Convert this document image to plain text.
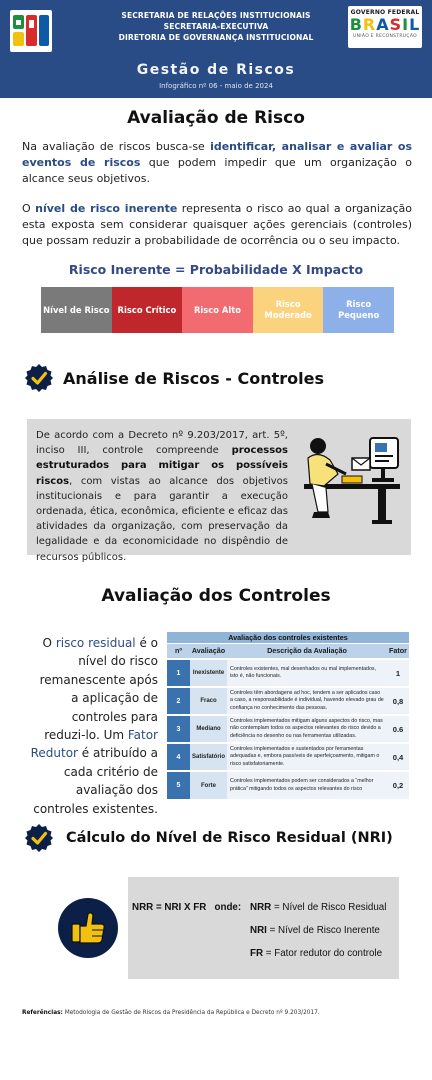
SECRETARIA DE RELAÇÕES INSTITUCIONAIS
SECRETARIA-EXECUTIVA
DIRETORIA DE GOVERNANÇA INSTITUCIONAL
GOVERNO FEDERAL
BRASIL
UNIÃO E RECONSTRUÇÃO
Gestão de Riscos
Infográfico nº 06 - maio de 2024
Avaliação de Risco
Na avaliação de riscos busca-se identificar, analisar e avaliar os eventos de riscos que podem impedir que um organização o alcance seus objetivos.
O nível de risco inerente representa o risco ao qual a organização esta exposta sem considerar quaisquer ações gerenciais (controles) que possam reduzir a probabilidade de ocorrência ou o seu impacto.
Risco Inerente = Probabilidade X Impacto
Nível de Risco Risco Crítico	Risco Alto
Risco Moderado
Risco Pequeno
Análise de Riscos - Controles
De acordo com a Decreto nº 9.203/2017, art. 5º, inciso III, controle compreende processos estruturados para mitigar os possíveis riscos, com vistas ao alcance dos objetivos institucionais e para garantir a execução ordenada, ética, econômica, eficiente e eficaz das atividades da organização, com preservação da legalidade e da economicidade no dispêndio de recursos públicos.
Avaliação dos Controles
O risco residual é o nível do risco remanescente após a aplicação de controles para reduzi-lo. Um Fator Redutor é atribuído a cada critério de avaliação dos controles existentes.
Avaliação dos controles existentes			
nº	Avaliação	Descrição da Avaliação	Fator
1	Inexistente	Controles existentes, mal desenhados ou mal implementados, isto é, não funcionais.	1
2	Fraco	Controles têm abordagens ad hoc, tendem a ser aplicados caso a caso, a responsabilidade é individual, havendo elevado grau de confiança no conhecimento das pessoas.	0,8
3	Mediano	Controles implementados mitigam alguns aspectos do risco, mas não contemplam todos os aspectos relevantes do risco devido a deficiência no desenho ou nas ferramentas utilizadas.	0.6
4	Satisfatório	Controles implementados e sustentados por ferramentas adequadas e, embora passíveis de aperfeiçoamento, mitigam o risco satisfatoriamente.	0,4
5	Forte	Controles implementados podem ser considerados a “melhor prática” mitigando todos os aspectos relevantes do risco	0,2
Cálculo do Nível de Risco Residual (NRI)
NRR = NRI X FR onde: NRR = Nível de Risco Residual
NRI = Nível de Risco Inerente
FR = Fator redutor do controle
Referências: Metodologia de Gestão de Riscos da Presidência da República e Decreto nº 9.203/2017.
